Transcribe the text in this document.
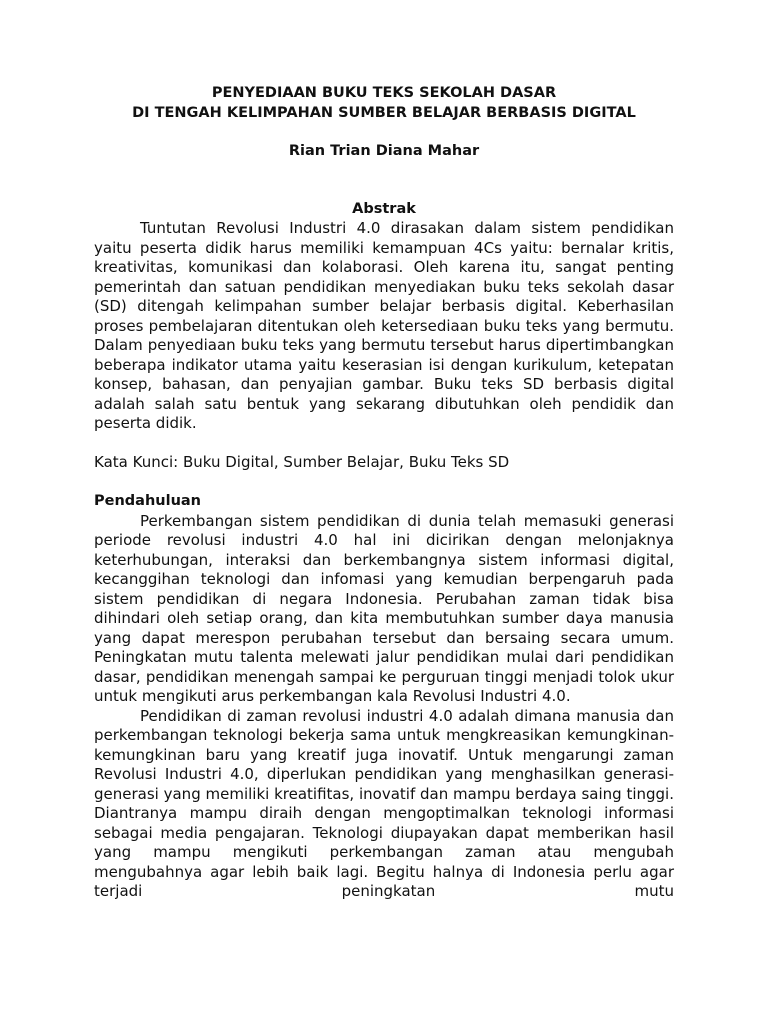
PENYEDIAAN BUKU TEKS SEKOLAH DASAR

DI TENGAH KELIMPAHAN SUMBER BELAJAR BERBASIS DIGITAL

Rian Trian Diana Mahar

Abstrak

Tuntutan Revolusi Industri 4.0 dirasakan dalam sistem pendidikan yaitu peserta didik harus memiliki kemampuan 4Cs yaitu: bernalar kritis, kreativitas, komunikasi dan kolaborasi. Oleh karena itu, sangat penting pemerintah dan satuan pendidikan menyediakan buku teks sekolah dasar (SD) ditengah kelimpahan sumber belajar berbasis digital. Keberhasilan proses pembelajaran ditentukan oleh ketersediaan buku teks yang bermutu. Dalam penyediaan buku teks yang bermutu tersebut harus dipertimbangkan beberapa indikator utama yaitu keserasian isi dengan kurikulum, ketepatan konsep, bahasan, dan penyajian gambar. Buku teks SD berbasis digital adalah salah satu bentuk yang sekarang dibutuhkan oleh pendidik dan peserta didik.

Kata Kunci: Buku Digital, Sumber Belajar, Buku Teks SD

Pendahuluan

Perkembangan sistem pendidikan di dunia telah memasuki generasi periode revolusi industri 4.0 hal ini dicirikan dengan melonjaknya keterhubungan, interaksi dan berkembangnya sistem informasi digital, kecanggihan teknologi dan infomasi yang kemudian berpengaruh pada sistem pendidikan di negara Indonesia. Perubahan zaman tidak bisa dihindari oleh setiap orang, dan kita membutuhkan sumber daya manusia yang dapat merespon perubahan tersebut dan bersaing secara umum. Peningkatan mutu talenta melewati jalur pendidikan mulai dari pendidikan dasar, pendidikan menengah sampai ke perguruan tinggi menjadi tolok ukur untuk mengikuti arus perkembangan kala Revolusi Industri 4.0.

Pendidikan di zaman revolusi industri 4.0 adalah dimana manusia dan perkembangan teknologi bekerja sama untuk mengkreasikan kemungkinan-kemungkinan baru yang kreatif juga inovatif. Untuk mengarungi zaman Revolusi Industri 4.0, diperlukan pendidikan yang menghasilkan generasi-generasi yang memiliki kreatifitas, inovatif dan mampu berdaya saing tinggi. Diantranya mampu diraih dengan mengoptimalkan teknologi informasi sebagai media pengajaran. Teknologi diupayakan dapat memberikan hasil yang mampu mengikuti perkembangan zaman atau mengubah mengubahnya agar lebih baik lagi. Begitu halnya di Indonesia perlu agar terjadi peningkatan mutu
